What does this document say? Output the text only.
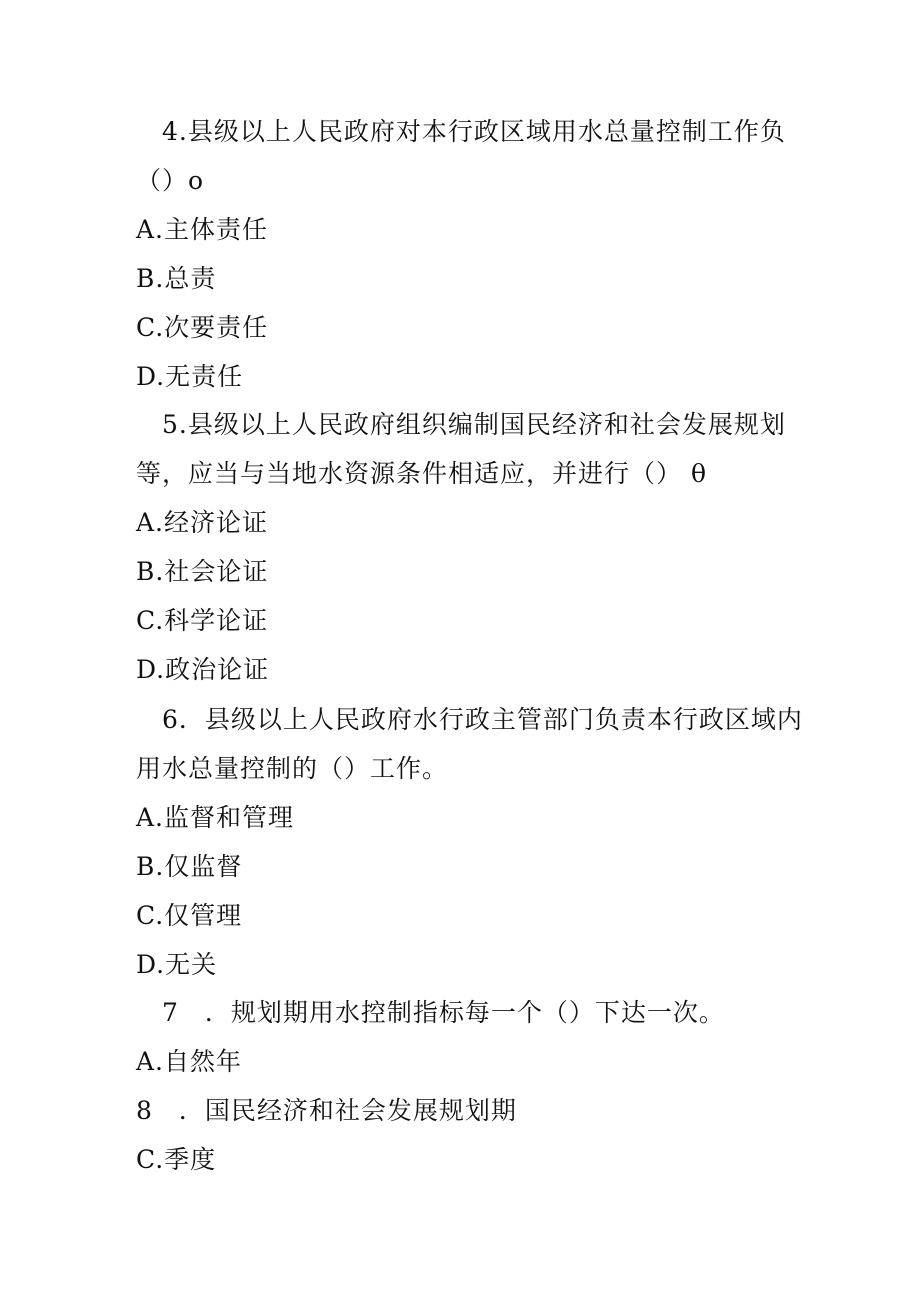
4.县级以上人民政府对本行政区域用水总量控制工作负
（）o
A.主体责任
B.总责
C.次要责任
D.无责任
5.县级以上人民政府组织编制国民经济和社会发展规划
等，应当与当地水资源条件相适应，并进行（） θ
A.经济论证
B.社会论证
C.科学论证
D.政治论证
6．县级以上人民政府水行政主管部门负责本行政区域内
用水总量控制的（）工作。
A.监督和管理
B.仅监督
C.仅管理
D.无关
7　．规划期用水控制指标每一个（）下达一次。
A.自然年
8　．国民经济和社会发展规划期
C.季度
